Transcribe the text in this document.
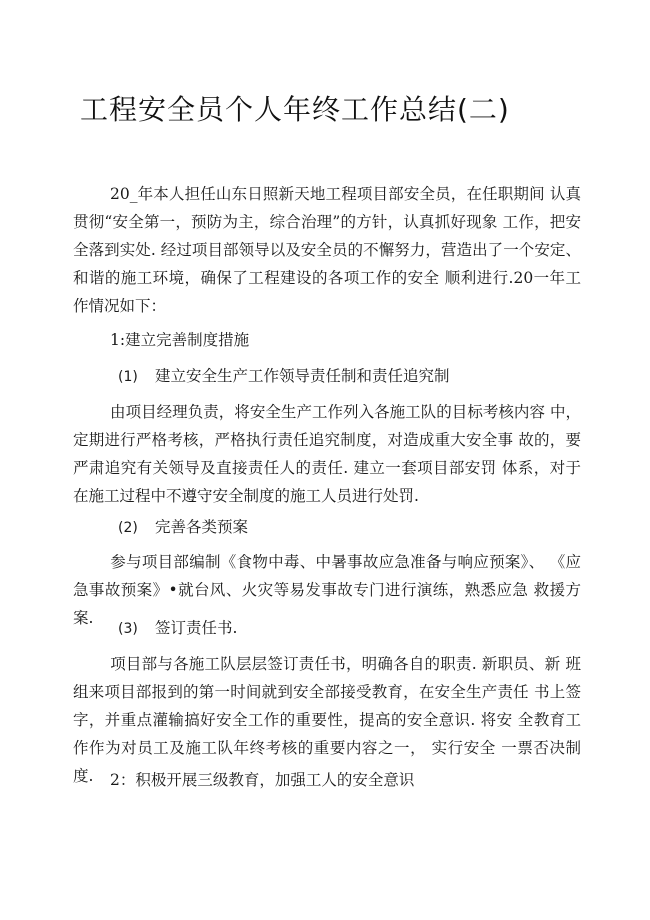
工程安全员个人年终工作总结(二)
20_年本人担任山东日照新天地工程项目部安全员，在任职期间 认真贯彻“安全第一，预防为主，综合治理”的方针，认真抓好现象 工作，把安全落到实处. 经过项目部领导以及安全员的不懈努力，营造出了一个安定、和谐的施工环境，确保了工程建设的各项工作的安全 顺利进行.20一年工作情况如下：
1:建立完善制度措施
(1) 建立安全生产工作领导责任制和责任追究制
由项目经理负责，将安全生产工作列入各施工队的目标考核内容 中，定期进行严格考核，严格执行责任追究制度，对造成重大安全事 故的，要严肃追究有关领导及直接责任人的责任. 建立一套项目部安罚 体系，对于在施工过程中不遵守安全制度的施工人员进行处罚.
(2) 完善各类预案
参与项目部编制《食物中毒、中暑事故应急准备与响应预案》、 《应急事故预案》•就台风、火灾等易发事故专门进行演练，熟悉应急 救援方案.
(3) 签订责任书.
项目部与各施工队层层签订责任书，明确各自的职责. 新职员、新 班组来项目部报到的第一时间就到安全部接受教育，在安全生产责任 书上签字，并重点灌输搞好安全工作的重要性，提高的安全意识. 将安 全教育工作作为对员工及施工队年终考核的重要内容之一， 实行安全 一票否决制度.	2：积极开展三级教育，加强工人的安全意识
